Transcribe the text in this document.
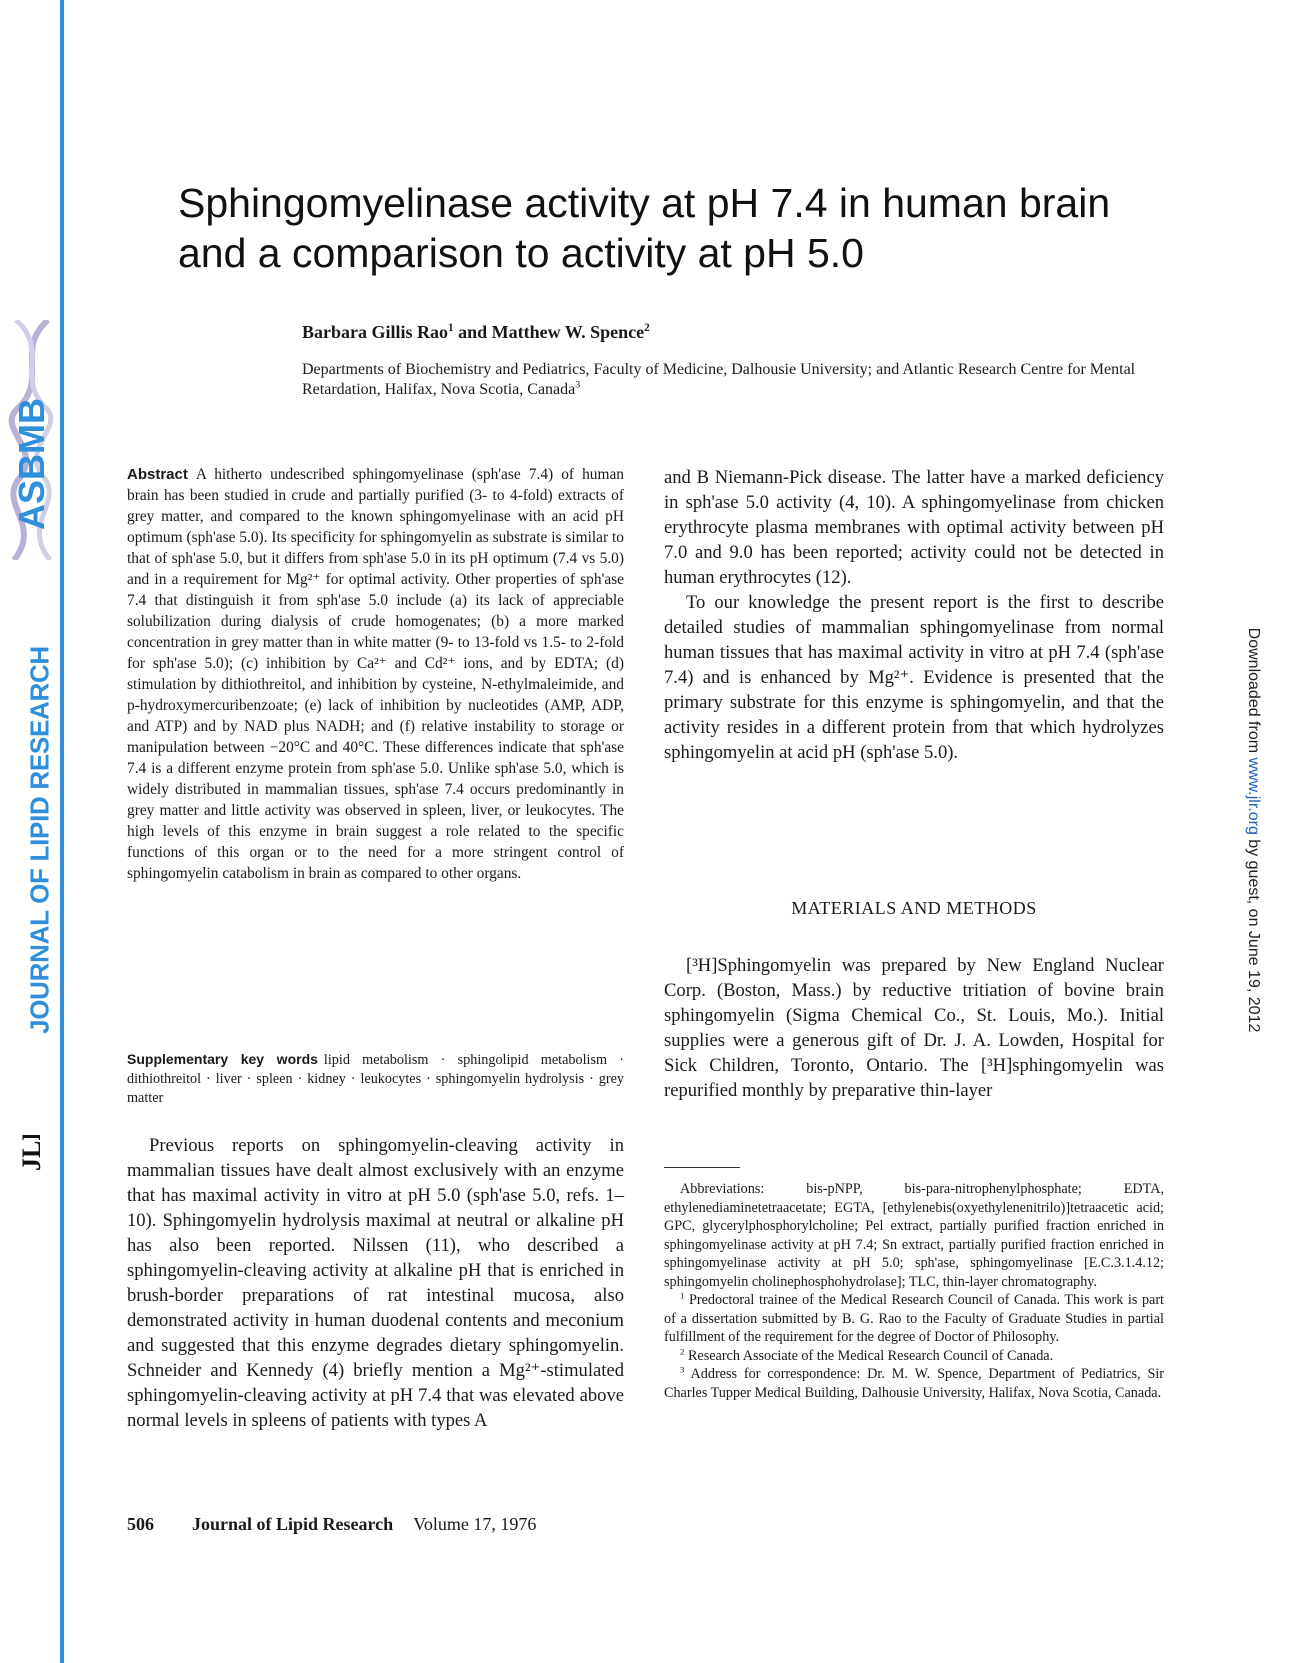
ASBMB
JOURNAL OF LIPID RESEARCH
JLR
Downloaded from www.jlr.org by guest, on June 19, 2012
Sphingomyelinase activity at pH 7.4 in human brain and a comparison to activity at pH 5.0
Barbara Gillis Rao$^1$ and Matthew W. Spence$^2$
Departments of Biochemistry and Pediatrics, Faculty of Medicine, Dalhousie University; and Atlantic Research Centre for Mental Retardation, Halifax, Nova Scotia, Canada$^3$
Abstract A hitherto undescribed sphingomyelinase (sph'ase 7.4) of human brain has been studied in crude and partially purified (3- to 4-fold) extracts of grey matter, and compared to the known sphingomyelinase with an acid pH optimum (sph'ase 5.0). Its specificity for sphingomyelin as substrate is similar to that of sph'ase 5.0, but it differs from sph'ase 5.0 in its pH optimum (7.4 vs 5.0) and in a requirement for Mg²⁺ for optimal activity. Other properties of sph'ase 7.4 that distinguish it from sph'ase 5.0 include (a) its lack of appreciable solubilization during dialysis of crude homogenates; (b) a more marked concentration in grey matter than in white matter (9- to 13-fold vs 1.5- to 2-fold for sph'ase 5.0); (c) inhibition by Ca²⁺ and Cd²⁺ ions, and by EDTA; (d) stimulation by dithiothreitol, and inhibition by cysteine, N-ethylmaleimide, and p-hydroxymercuribenzoate; (e) lack of inhibition by nucleotides (AMP, ADP, and ATP) and by NAD plus NADH; and (f) relative instability to storage or manipulation between −20°C and 40°C. These differences indicate that sph'ase 7.4 is a different enzyme protein from sph'ase 5.0. Unlike sph'ase 5.0, which is widely distributed in mammalian tissues, sph'ase 7.4 occurs predominantly in grey matter and little activity was observed in spleen, liver, or leukocytes. The high levels of this enzyme in brain suggest a role related to the specific functions of this organ or to the need for a more stringent control of sphingomyelin catabolism in brain as compared to other organs.
Supplementary key words lipid metabolism · sphingolipid metabolism · dithiothreitol · liver · spleen · kidney · leukocytes · sphingomyelin hydrolysis · grey matter

Previous reports on sphingomyelin-cleaving activity in mammalian tissues have dealt almost exclusively with an enzyme that has maximal activity in vitro at pH 5.0 (sph'ase 5.0, refs. 1–10). Sphingomyelin hydrolysis maximal at neutral or alkaline pH has also been reported. Nilssen (11), who described a sphingomyelin-cleaving activity at alkaline pH that is enriched in brush-border preparations of rat intestinal mucosa, also demonstrated activity in human duodenal contents and meconium and suggested that this enzyme degrades dietary sphingomyelin. Schneider and Kennedy (4) briefly mention a Mg²⁺-stimulated sphingomyelin-cleaving activity at pH 7.4 that was elevated above normal levels in spleens of patients with types A

and B Niemann-Pick disease. The latter have a marked deficiency in sph'ase 5.0 activity (4, 10). A sphingomyelinase from chicken erythrocyte plasma membranes with optimal activity between pH 7.0 and 9.0 has been reported; activity could not be detected in human erythrocytes (12).

To our knowledge the present report is the first to describe detailed studies of mammalian sphingomyelinase from normal human tissues that has maximal activity in vitro at pH 7.4 (sph'ase 7.4) and is enhanced by Mg²⁺. Evidence is presented that the primary substrate for this enzyme is sphingomyelin, and that the activity resides in a different protein from that which hydrolyzes sphingomyelin at acid pH (sph'ase 5.0).

MATERIALS AND METHODS

[³H]Sphingomyelin was prepared by New England Nuclear Corp. (Boston, Mass.) by reductive tritiation of bovine brain sphingomyelin (Sigma Chemical Co., St. Louis, Mo.). Initial supplies were a generous gift of Dr. J. A. Lowden, Hospital for Sick Children, Toronto, Ontario. The [³H]sphingomyelin was repurified monthly by preparative thin-layer

Abbreviations: bis-pNPP, bis-para-nitrophenylphosphate; EDTA, ethylenediaminetetraacetate; EGTA, [ethylenebis(oxyethylenenitrilo)]tetraacetic acid; GPC, glycerylphosphorylcholine; Pel extract, partially purified fraction enriched in sphingomyelinase activity at pH 7.4; Sn extract, partially purified fraction enriched in sphingomyelinase activity at pH 5.0; sph'ase, sphingomyelinase [E.C.3.1.4.12; sphingomyelin cholinephosphohydrolase]; TLC, thin-layer chromatography.

$^1$ Predoctoral trainee of the Medical Research Council of Canada. This work is part of a dissertation submitted by B. G. Rao to the Faculty of Graduate Studies in partial fulfillment of the requirement for the degree of Doctor of Philosophy.

$^2$ Research Associate of the Medical Research Council of Canada.

$^3$ Address for correspondence: Dr. M. W. Spence, Department of Pediatrics, Sir Charles Tupper Medical Building, Dalhousie University, Halifax, Nova Scotia, Canada.

506 Journal of Lipid Research Volume 17, 1976
